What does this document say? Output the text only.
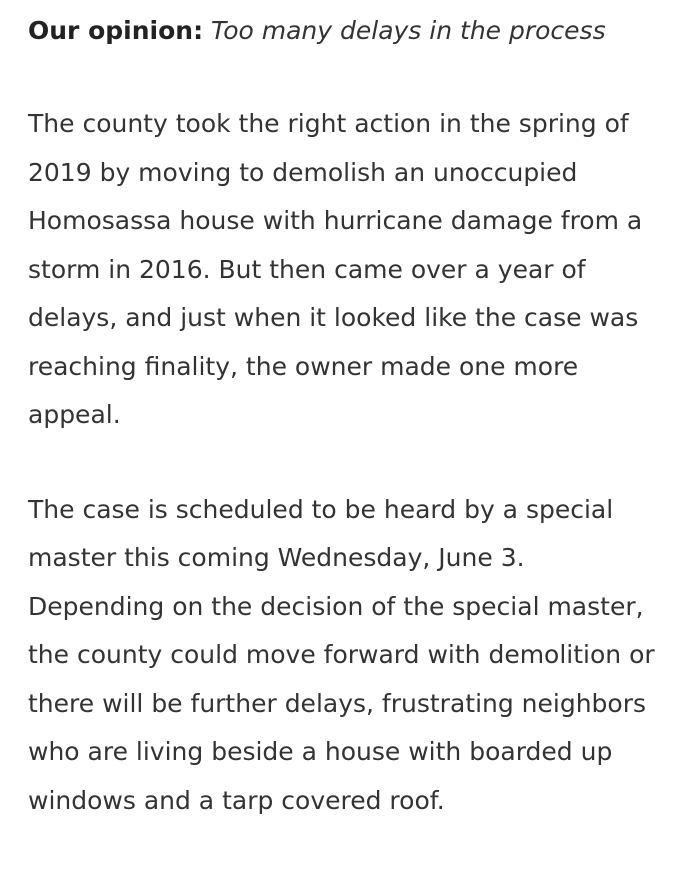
Our opinion: Too many delays in the process

The county took the right action in the spring of 2019 by moving to demolish an unoccupied Homosassa house with hurricane damage from a storm in 2016. But then came over a year of delays, and just when it looked like the case was reaching finality, the owner made one more appeal.

The case is scheduled to be heard by a special master this coming Wednesday, June 3. Depending on the decision of the special master, the county could move forward with demolition or there will be further delays, frustrating neighbors who are living beside a house with boarded up windows and a tarp covered roof.
